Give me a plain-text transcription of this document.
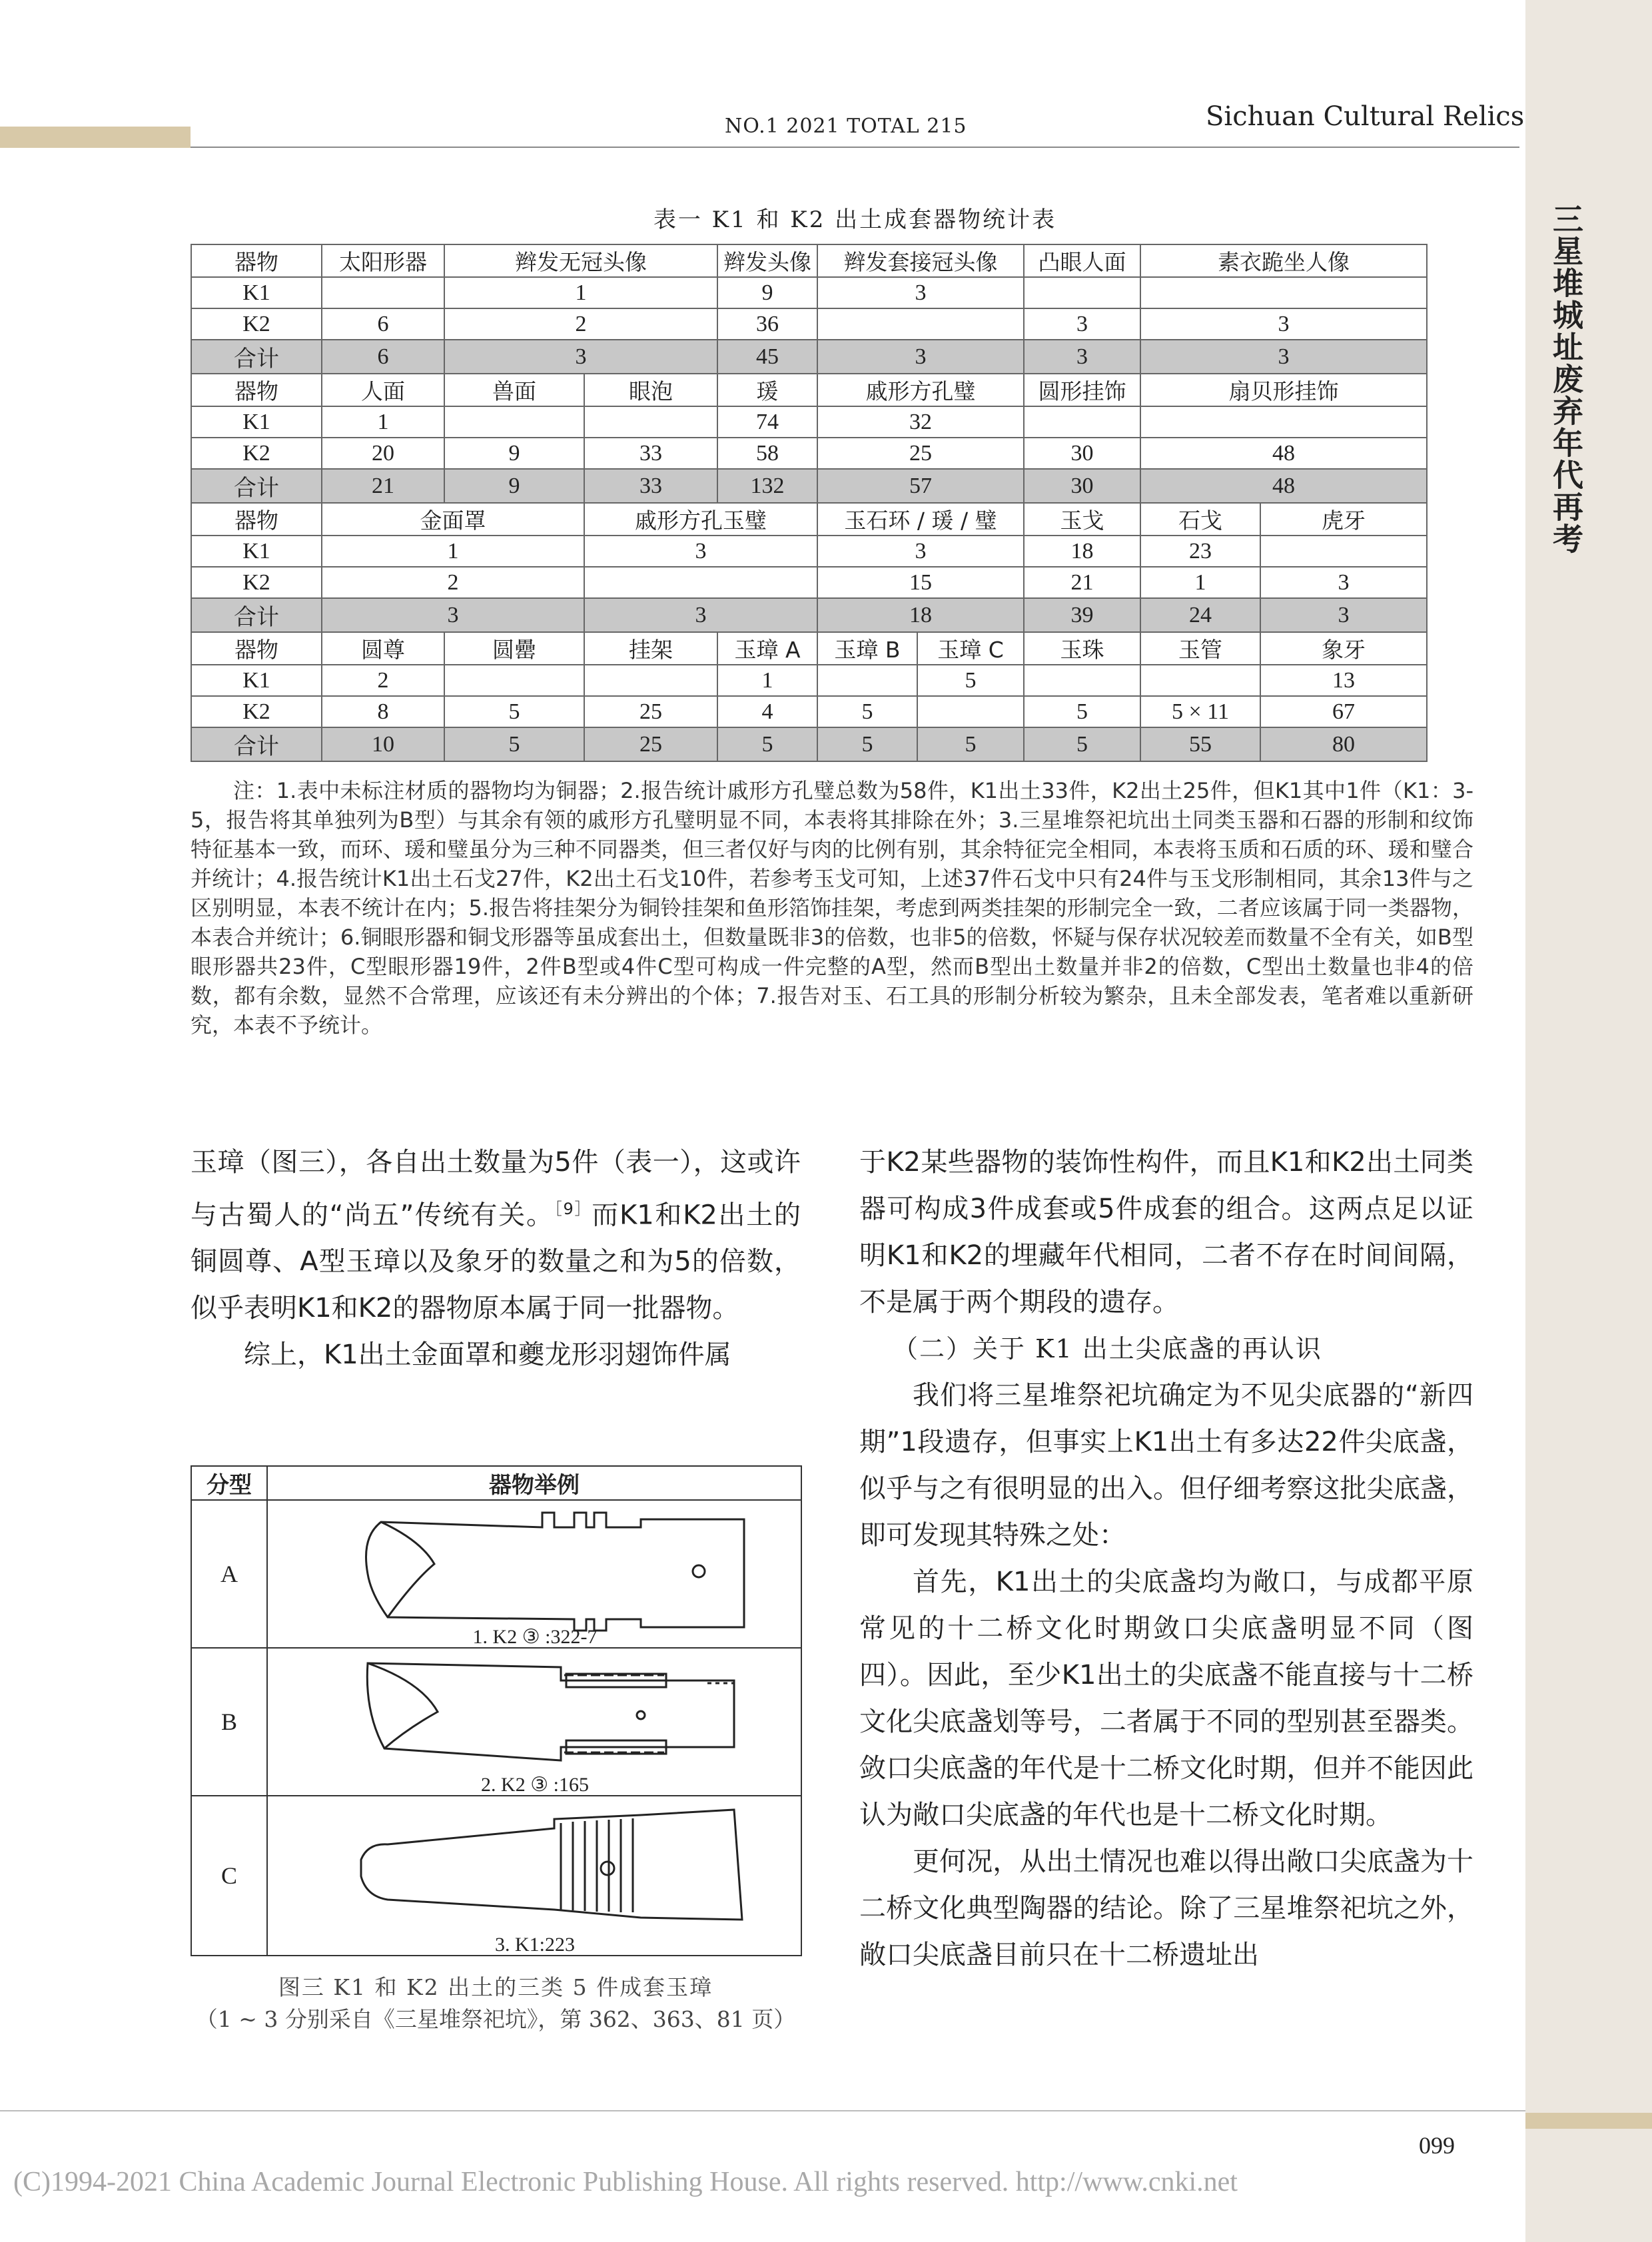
NO.1 2021 TOTAL 215	Sichuan Cultural Relics
三星堆城址废弃年代再考
表一 K1 和 K2 出土成套器物统计表
器物	太阳形器	辫发无冠头像		辫发头像	辫发套接冠头像		凸眼人面	素衣跪坐人像	
K1		1		9	3				
K2	6	2		36			3	3	
合计	6	3		45	3		3	3	
器物	人面	兽面	眼泡	瑗	戚形方孔璧		圆形挂饰	扇贝形挂饰	
K1	1			74	32				
K2	20	9	33	58	25		30	48	
合计	21	9	33	132	57		30	48	
器物	金面罩		戚形方孔玉璧		玉石环 / 瑗 / 璧		玉戈	石戈	虎牙
K1	1		3		3		18	23	
K2	2				15		21	1	3
合计	3		3		18		39	24	3
器物	圆尊	圆罍	挂架	玉璋 A	玉璋 B	玉璋 C	玉珠	玉管	象牙
K1	2			1		5			13
K2	8	5	25	4	5		5	5 × 11	67
合计	10	5	25	5	5	5	5	55	80
注：1.表中未标注材质的器物均为铜器；2.报告统计戚形方孔璧总数为58件，K1出土33件，K2出土25件，但K1其中1件（K1：3-5，报告将其单独列为B型）与其余有领的戚形方孔璧明显不同，本表将其排除在外；3.三星堆祭祀坑出土同类玉器和石器的形制和纹饰特征基本一致，而环、瑗和璧虽分为三种不同器类，但三者仅好与肉的比例有别，其余特征完全相同，本表将玉质和石质的环、瑗和璧合并统计；4.报告统计K1出土石戈27件，K2出土石戈10件，若参考玉戈可知，上述37件石戈中只有24件与玉戈形制相同，其余13件与之区别明显，本表不统计在内；5.报告将挂架分为铜铃挂架和鱼形箔饰挂架，考虑到两类挂架的形制完全一致，二者应该属于同一类器物，本表合并统计；6.铜眼形器和铜戈形器等虽成套出土，但数量既非3的倍数，也非5的倍数，怀疑与保存状况较差而数量不全有关，如B型眼形器共23件，C型眼形器19件，2件B型或4件C型可构成一件完整的A型，然而B型出土数量并非2的倍数，C型出土数量也非4的倍数，都有余数，显然不合常理，应该还有未分辨出的个体；7.报告对玉、石工具的形制分析较为繁杂，且未全部发表，笔者难以重新研究，本表不予统计。

玉璋（图三），各自出土数量为5件（表一），这或许与古蜀人的“尚五”传统有关。$^{[9]}$而K1和K2出土的铜圆尊、A型玉璋以及象牙的数量之和为5的倍数，似乎表明K1和K2的器物原本属于同一批器物。

综上，K1出土金面罩和夔龙形羽翅饰件属

分型	器物举例
A	1. K2 ③ :322-7

B	2. K2 ③ :165

C	3. K1:223
图三 K1 和 K2 出土的三类 5 件成套玉璋
（1 ~ 3 分别采自《三星堆祭祀坑》，第 362、363、81 页）

于K2某些器物的装饰性构件，而且K1和K2出土同类器可构成3件成套或5件成套的组合。这两点足以证明K1和K2的埋藏年代相同，二者不存在时间间隔，不是属于两个期段的遗存。

（二）关于 K1 出土尖底盏的再认识

我们将三星堆祭祀坑确定为不见尖底器的“新四期”1段遗存，但事实上K1出土有多达22件尖底盏，似乎与之有很明显的出入。但仔细考察这批尖底盏，即可发现其特殊之处：

首先，K1出土的尖底盏均为敞口，与成都平原常见的十二桥文化时期敛口尖底盏明显不同（图四）。因此，至少K1出土的尖底盏不能直接与十二桥文化尖底盏划等号，二者属于不同的型别甚至器类。敛口尖底盏的年代是十二桥文化时期，但并不能因此认为敞口尖底盏的年代也是十二桥文化时期。

更何况，从出土情况也难以得出敞口尖底盏为十二桥文化典型陶器的结论。除了三星堆祭祀坑之外，敞口尖底盏目前只在十二桥遗址出

099
(C)1994-2021 China Academic Journal Electronic Publishing House. All rights reserved. http://www.cnki.net
